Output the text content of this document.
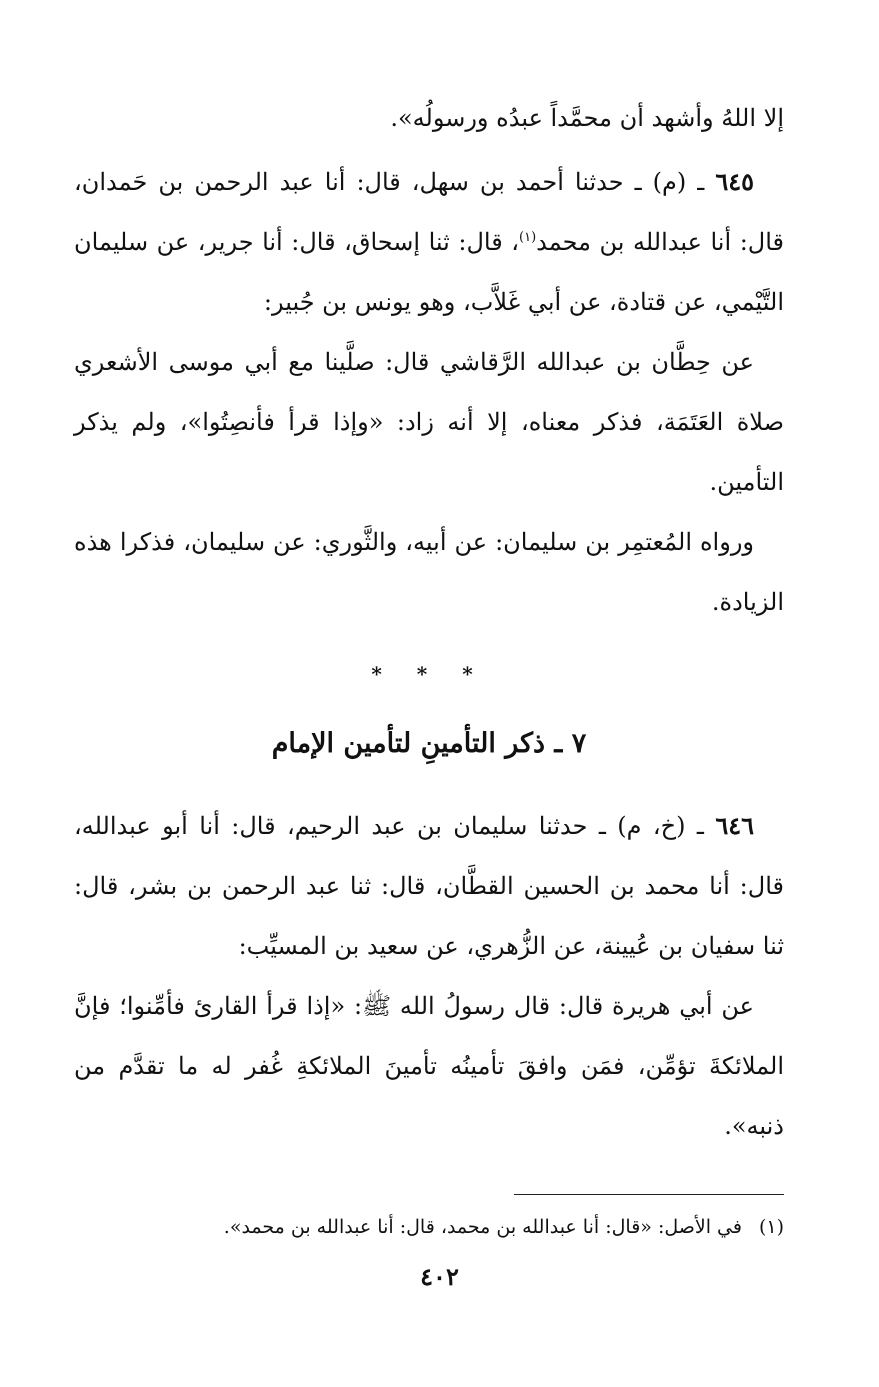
إلا اللهُ وأشهد أن محمَّداً عبدُه ورسولُه».

٦٤٥ ـ (م) ـ حدثنا أحمد بن سهل، قال: أنا عبد الرحمن بن حَمدان، قال: أنا عبدالله بن محمد$^{(١)}$، قال: ثنا إسحاق، قال: أنا جرير، عن سليمان التَّيْمي، عن قتادة، عن أبي غَلاَّب، وهو يونس بن جُبير:

عن حِطَّان بن عبدالله الرَّقاشي قال: صلَّينا مع أبي موسى الأشعري صلاة العَتَمَة، فذكر معناه، إلا أنه زاد: «وإذا قرأ فأنصِتُوا»، ولم يذكر التأمين.

ورواه المُعتمِر بن سليمان: عن أبيه، والثَّوري: عن سليمان، فذكرا هذه الزيادة.

* * *
٧ ـ ذكر التأمينِ لتأمين الإمام

٦٤٦ ـ (خ، م) ـ حدثنا سليمان بن عبد الرحيم، قال: أنا أبو عبدالله، قال: أنا محمد بن الحسين القطَّان، قال: ثنا عبد الرحمن بن بشر، قال: ثنا سفيان بن عُيينة، عن الزُّهري، عن سعيد بن المسيِّب:

عن أبي هريرة قال: قال رسولُ الله ﷺ: «إذا قرأ القارئ فأمِّنوا؛ فإنَّ الملائكةَ تؤمِّن، فمَن وافقَ تأمينُه تأمينَ الملائكةِ غُفر له ما تقدَّم من ذنبه».

(١) في الأصل: «قال: أنا عبدالله بن محمد، قال: أنا عبدالله بن محمد».

٤٠٢
